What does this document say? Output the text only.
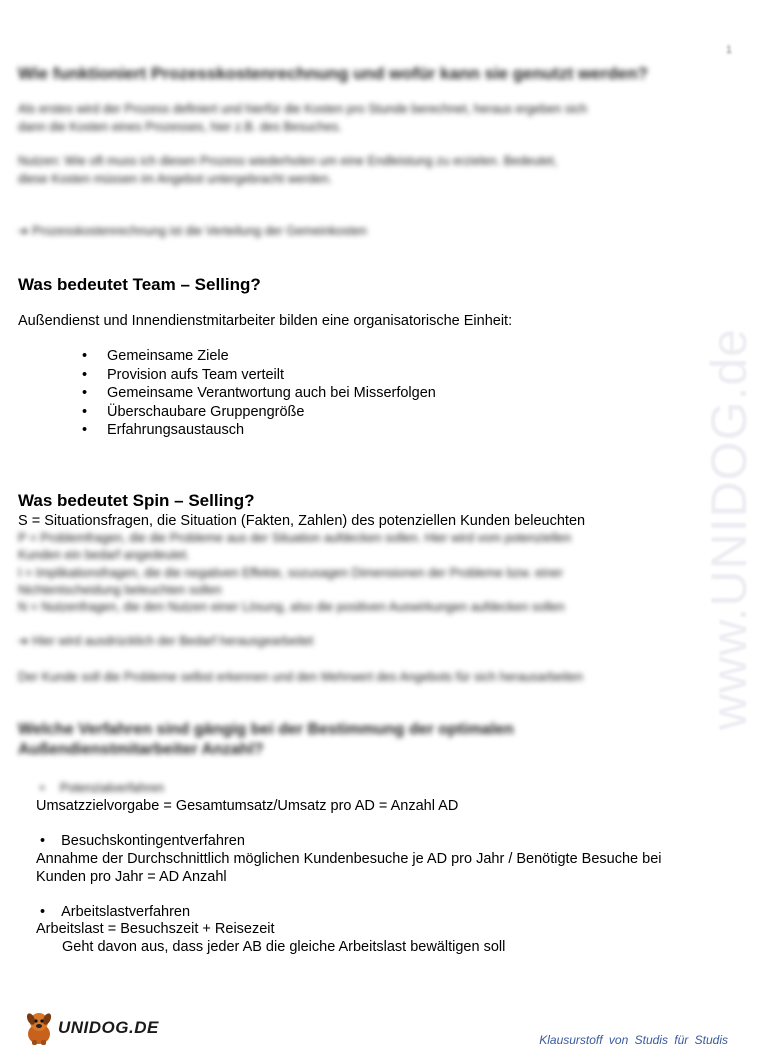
1
www.UNIDOG.de
Wie funktioniert Prozesskostenrechnung und wofür kann sie genutzt werden?
Als erstes wird der Prozess definiert und hierfür die Kosten pro Stunde berechnet, heraus ergeben sich
dann die Kosten eines Prozesses, hier z.B. des Besuches.
Nutzen: Wie oft muss ich diesen Prozess wiederholen um eine Endleistung zu erzielen. Bedeutet,
diese Kosten müssen im Angebot untergebracht werden.
➔ Prozesskostenrechnung ist die Verteilung der Gemeinkosten
Was bedeutet Team – Selling?
Außendienst und Innendienstmitarbeiter bilden eine organisatorische Einheit:
• Gemeinsame Ziele
• Provision aufs Team verteilt
• Gemeinsame Verantwortung auch bei Misserfolgen
• Überschaubare Gruppengröße
• Erfahrungsaustausch
Was bedeutet Spin – Selling?
S = Situationsfragen, die Situation (Fakten, Zahlen) des potenziellen Kunden beleuchten
P = Problemfragen, die die Probleme aus der Situation aufdecken sollen. Hier wird vom potenziellen
Kunden ein bedarf angedeutet.
I = Implikationsfragen, die die negativen Effekte, sozusagen Dimensionen der Probleme bzw. einer
Nichtentscheidung beleuchten sollen
N = Nutzenfragen, die den Nutzen einer Lösung, also die positiven Auswirkungen aufdecken sollen
➔ Hier wird ausdrücklich der Bedarf herausgearbeitet
Der Kunde soll die Probleme selbst erkennen und den Mehrwert des Angebots für sich herausarbeiten
Welche Verfahren sind gängig bei der Bestimmung der optimalen
Außendienstmitarbeiter Anzahl?
• Potenzialverfahren
Umsatzzielvorgabe = Gesamtumsatz/Umsatz pro AD = Anzahl AD
• Besuchskontingentverfahren
Annahme der Durchschnittlich möglichen Kundenbesuche je AD pro Jahr / Benötigte Besuche bei
Kunden pro Jahr = AD Anzahl
• Arbeitslastverfahren
Arbeitslast = Besuchszeit + Reisezeit
Geht davon aus, dass jeder AB die gleiche Arbeitslast bewältigen soll
UNIDOG.DE
Klausurstoff von Studis für Studis
